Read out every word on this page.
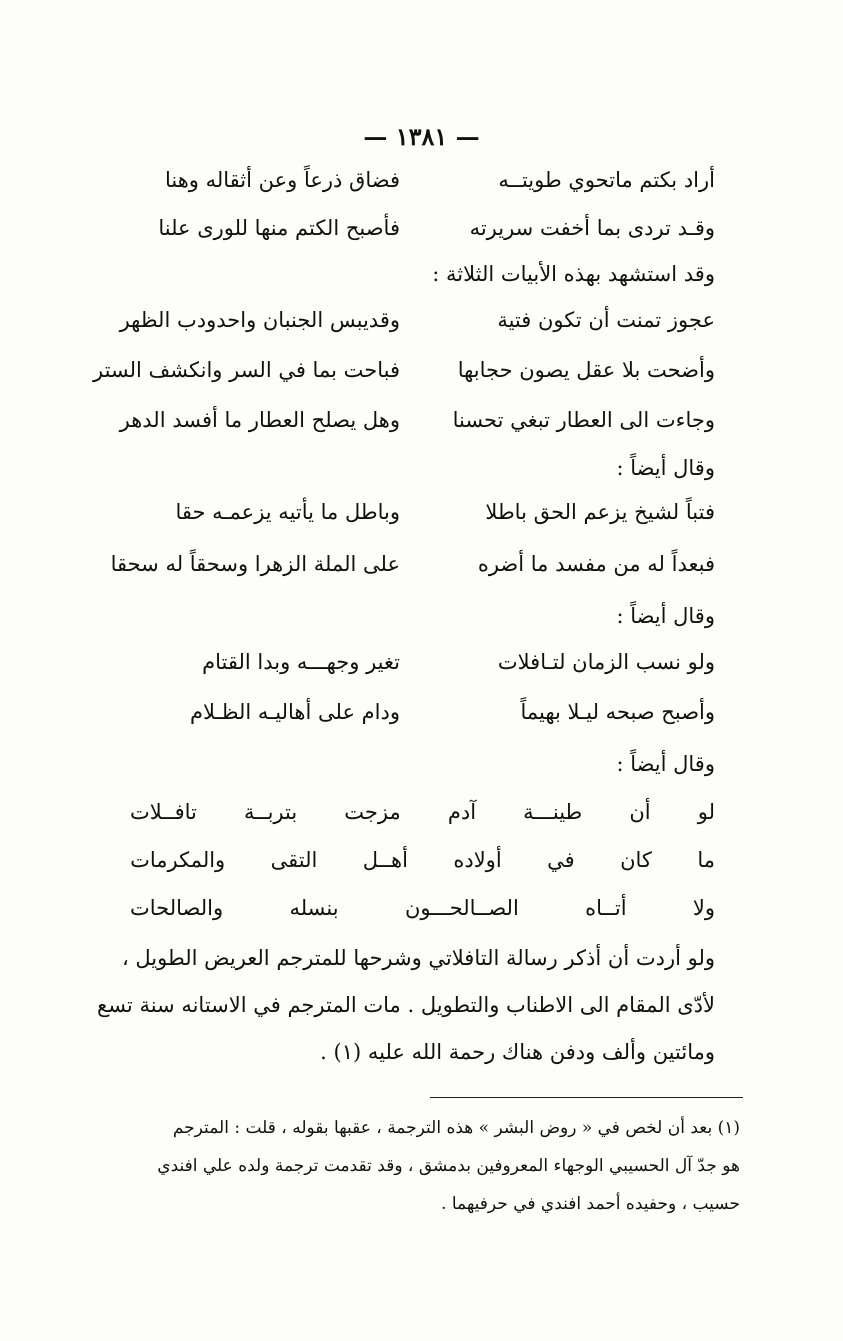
— ١٣٨١ —
أراد بكتم ماتحوي طويتــه
فضاق ذرعاً وعن أثقاله وهنا
وقـد تردى بما أخفت سريرته
فأصبح الكتم منها للورى علنا
وقد استشهد بهذه الأبيات الثلاثة :
عجوز تمنت أن تكون فتية
وقديبس الجنبان واحدودب الظهر
وأضحت بلا عقل يصون حجابها
فباحت بما في السر وانكشف الستر
وجاءت الى العطار تبغي تحسنا
وهل يصلح العطار ما أفسد الدهر
وقال أيضاً :
فتباً لشيخ يزعم الحق باطلا
وباطل ما يأتيه يزعمـه حقا
فبعداً له من مفسد ما أضره
على الملة الزهرا وسحقاً له سحقا
وقال أيضاً :
ولو نسب الزمان لتـافلات
تغير وجهـــه وبدا القتام
وأصبح صبحه ليـلا بهيماً
ودام على أهاليـه الظـلام
وقال أيضاً :
لو
أن
طينـــة
آدم
مزجت
بتربــة
تافــلات
ما
كان
في
أولاده
أهــل
التقى
والمكرمات
ولا
أتــاه
الصــالحـــون
بنسله
والصالحات
ولو أردت أن أذكر رسالة التافلاتي وشرحها للمترجم العريض الطويل ،
لأدّى المقام الى الاطناب والتطويل . مات المترجم في الاستانه سنة تسع
ومائتين وألف ودفن هناك رحمة الله عليه (١) .
(١) بعد أن لخص في « روض البشر » هذه الترجمة ، عقبها بقوله ، قلت : المترجم
هو جدّ آل الحسيبي الوجهاء المعروفين بدمشق ، وقد تقدمت ترجمة ولده علي افندي
حسيب ، وحفيده أحمد افندي في حرفيهما .
